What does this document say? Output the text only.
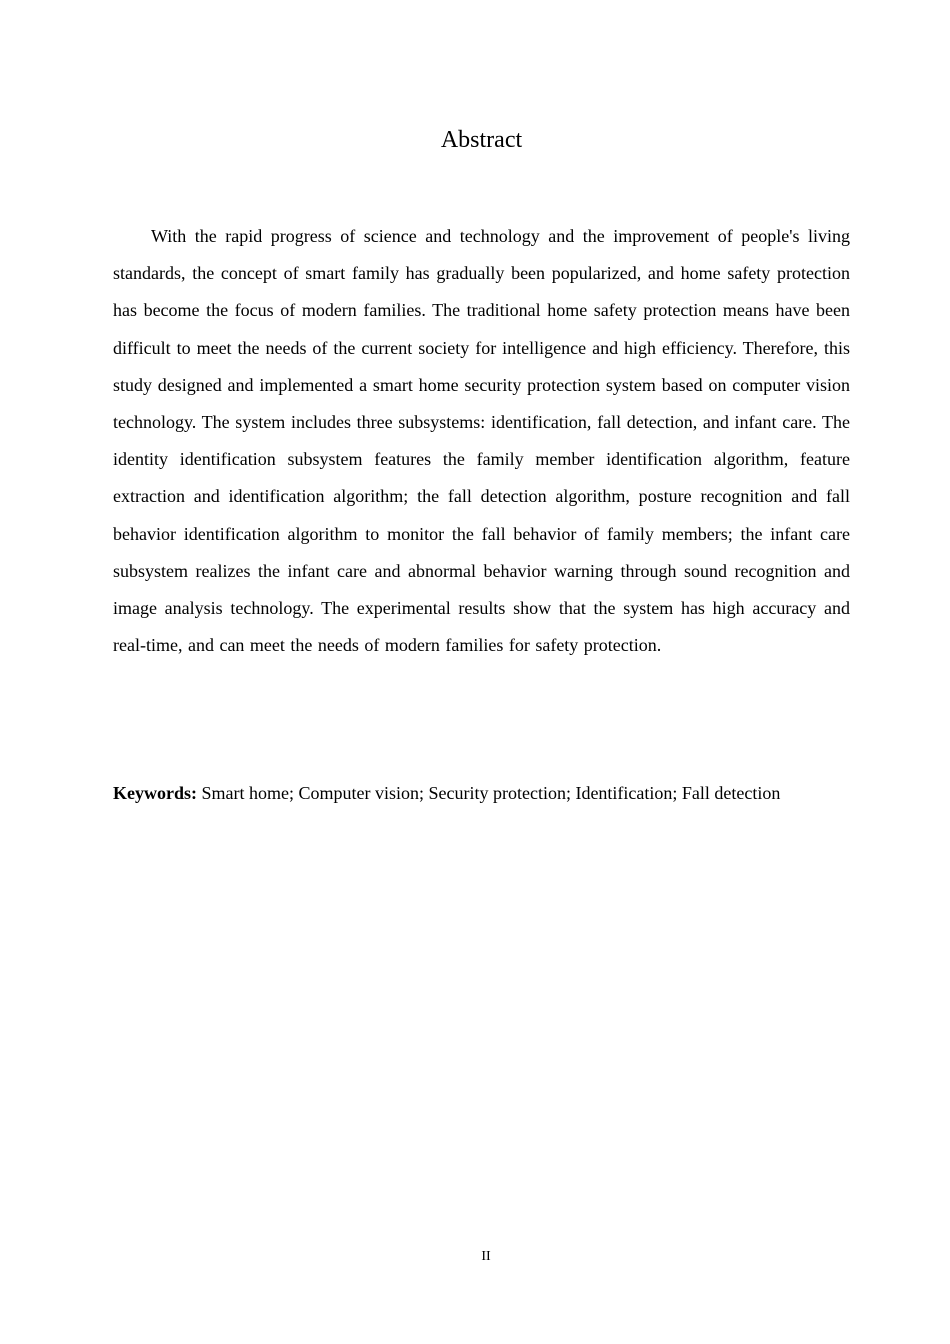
Abstract

With the rapid progress of science and technology and the improvement of people's living standards, the concept of smart family has gradually been popularized, and home safety protection has become the focus of modern families. The traditional home safety protection means have been difficult to meet the needs of the current society for intelligence and high efficiency. Therefore, this study designed and implemented a smart home security protection system based on computer vision technology. The system includes three subsystems: identification, fall detection, and infant care. The identity identification subsystem features the family member identification algorithm, feature extraction and identification algorithm; the fall detection algorithm, posture recognition and fall behavior identification algorithm to monitor the fall behavior of family members; the infant care subsystem realizes the infant care and abnormal behavior warning through sound recognition and image analysis technology. The experimental results show that the system has high accuracy and real-time, and can meet the needs of modern families for safety protection.

Keywords: Smart home; Computer vision; Security protection; Identification; Fall detection

II
